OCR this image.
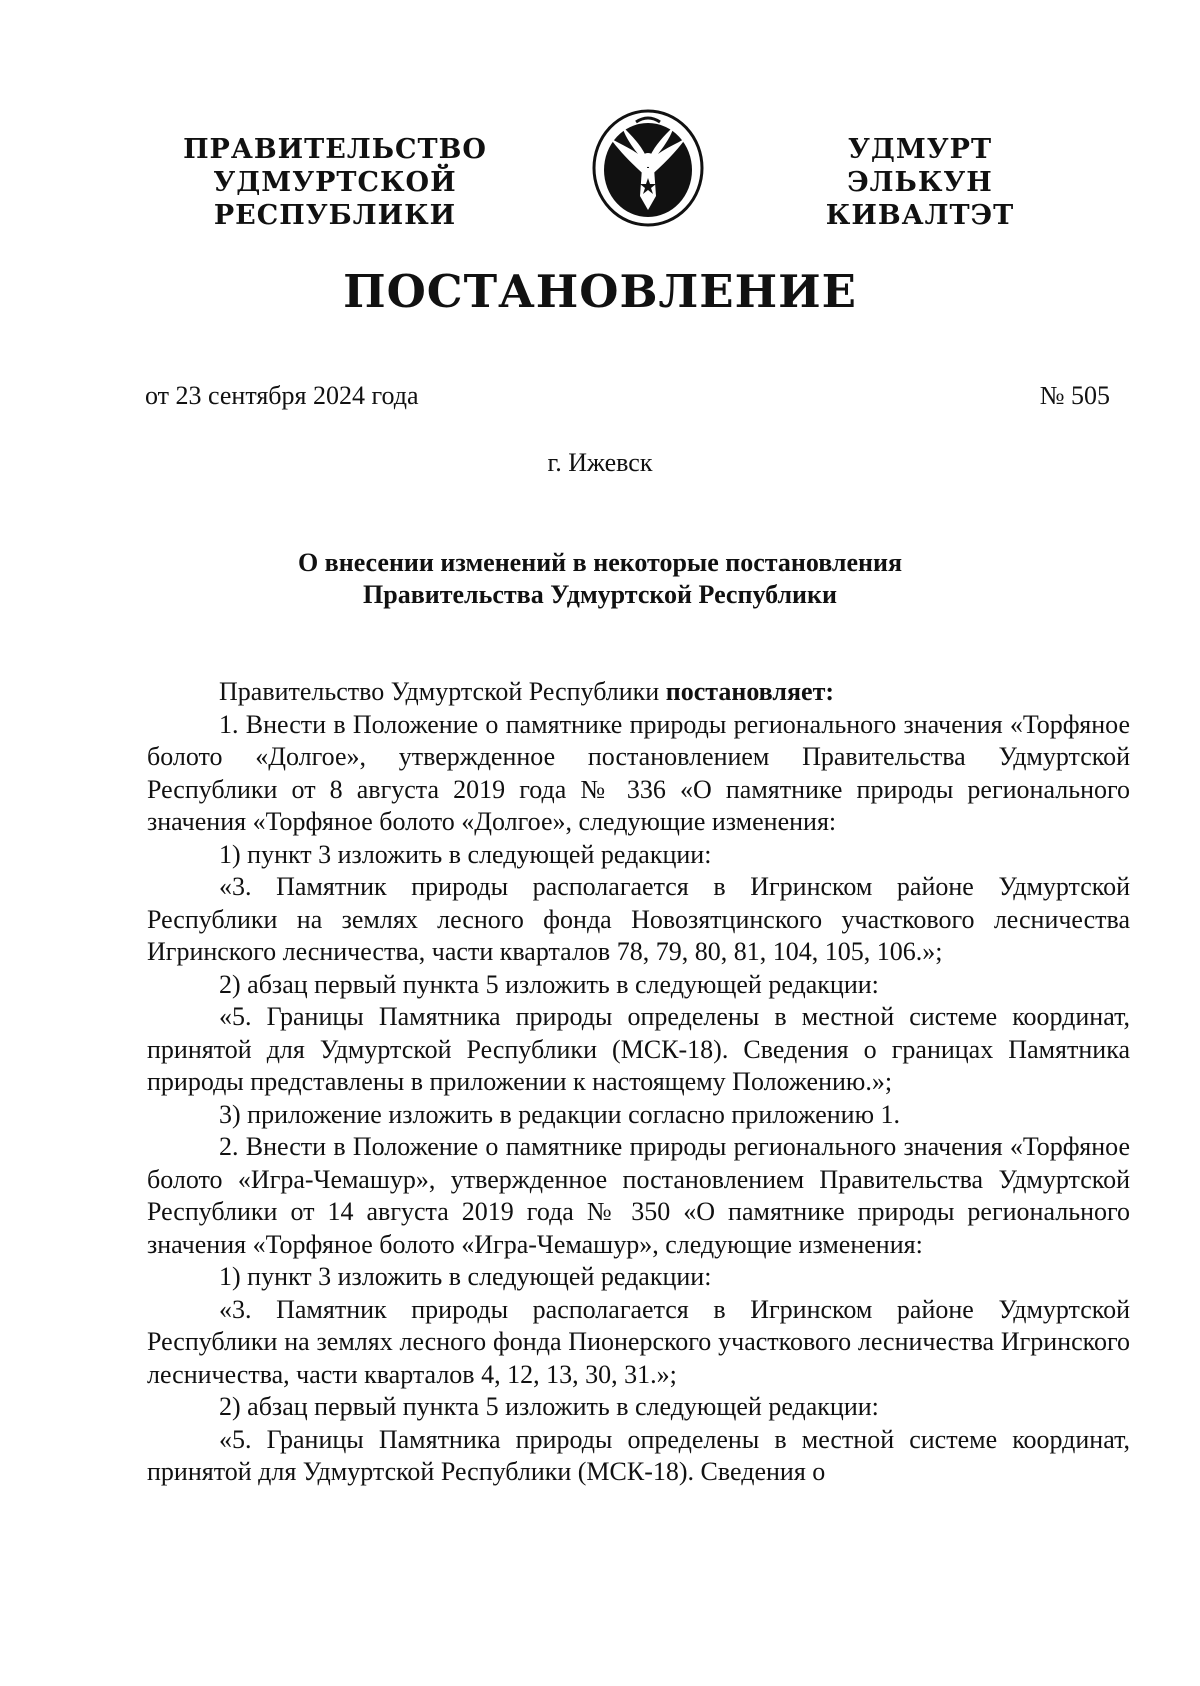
ПРАВИТЕЛЬСТВО
УДМУРТСКОЙ РЕСПУБЛИКИ
УДМУРТ ЭЛЬКУН
КИВАЛТЭТ
ПОСТАНОВЛЕНИЕ
от 23 сентября 2024 года	№ 505
г. Ижевск
О внесении изменений в некоторые постановления
Правительства Удмуртской Республики

Правительство Удмуртской Республики постановляет:

1. Внести в Положение о памятнике природы регионального значения «Торфяное болото «Долгое», утвержденное постановлением Правительства Удмуртской Республики от 8 августа 2019 года № 336 «О памятнике природы регионального значения «Торфяное болото «Долгое», следующие изменения:

1) пункт 3 изложить в следующей редакции:

«3. Памятник природы располагается в Игринском районе Удмуртской Республики на землях лесного фонда Новозятцинского участкового лесничества Игринского лесничества, части кварталов 78, 79, 80, 81, 104, 105, 106.»;

2) абзац первый пункта 5 изложить в следующей редакции:

«5. Границы Памятника природы определены в местной системе координат, принятой для Удмуртской Республики (МСК-18). Сведения о границах Памятника природы представлены в приложении к настоящему Положению.»;

3) приложение изложить в редакции согласно приложению 1.

2. Внести в Положение о памятнике природы регионального значения «Торфяное болото «Игра-Чемашур», утвержденное постановлением Правительства Удмуртской Республики от 14 августа 2019 года № 350 «О памятнике природы регионального значения «Торфяное болото «Игра-Чемашур», следующие изменения:

1) пункт 3 изложить в следующей редакции:

«3. Памятник природы располагается в Игринском районе Удмуртской Республики на землях лесного фонда Пионерского участкового лесничества Игринского лесничества, части кварталов 4, 12, 13, 30, 31.»;

2) абзац первый пункта 5 изложить в следующей редакции:

«5. Границы Памятника природы определены в местной системе координат, принятой для Удмуртской Республики (МСК-18). Сведения о
